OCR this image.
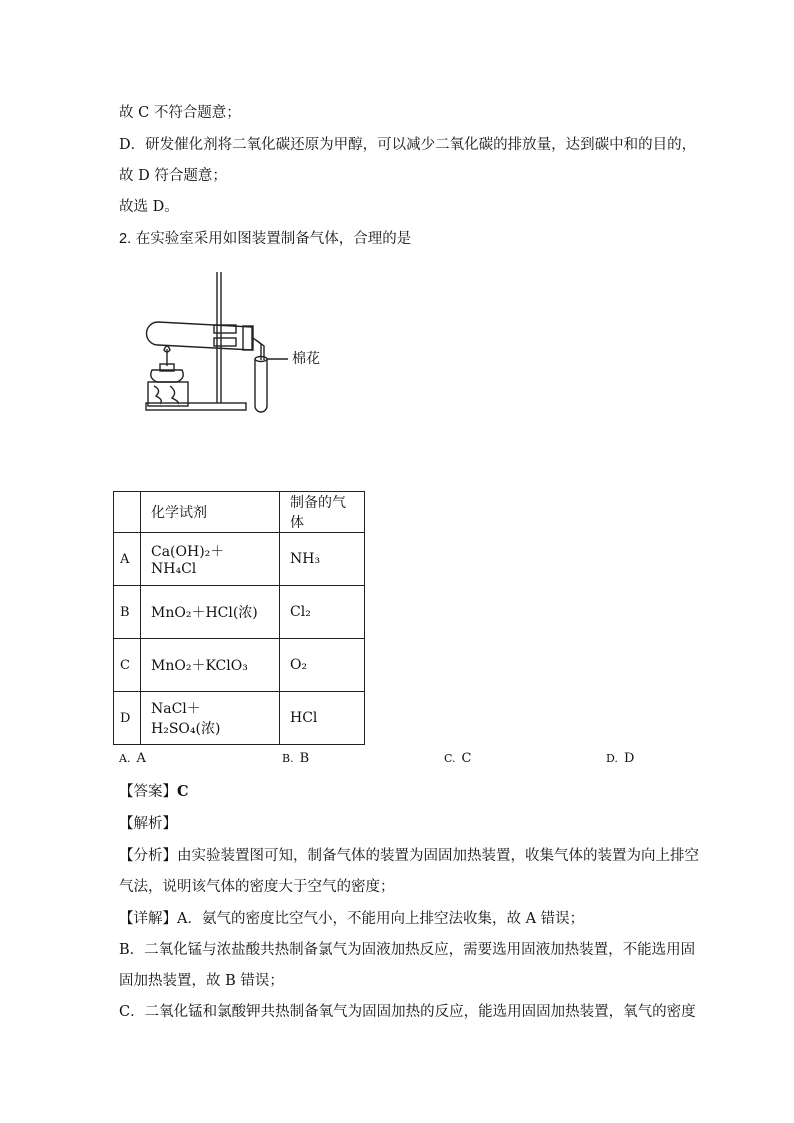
故 C 不符合题意；
D．研发催化剂将二氧化碳还原为甲醇，可以减少二氧化碳的排放量，达到碳中和的目的，
故 D 符合题意；
故选 D。
2. 在实验室采用如图装置制备气体，合理的是
棉花
	化学试剂	制备的气体
A	Ca(OH)₂＋NH₄Cl	NH₃
B	MnO₂＋HCl(浓)	Cl₂
C	MnO₂＋KClO₃	O₂
D	NaCl＋H₂SO₄(浓)	HCl
A. A	B. B	C. C	D. D
【答案】C
【解析】
【分析】由实验装置图可知，制备气体的装置为固固加热装置，收集气体的装置为向上排空
气法，说明该气体的密度大于空气的密度；
【详解】A．氨气的密度比空气小，不能用向上排空法收集，故 A 错误；
B．二氧化锰与浓盐酸共热制备氯气为固液加热反应，需要选用固液加热装置，不能选用固
固加热装置，故 B 错误；
C．二氧化锰和氯酸钾共热制备氧气为固固加热的反应，能选用固固加热装置，氧气的密度
